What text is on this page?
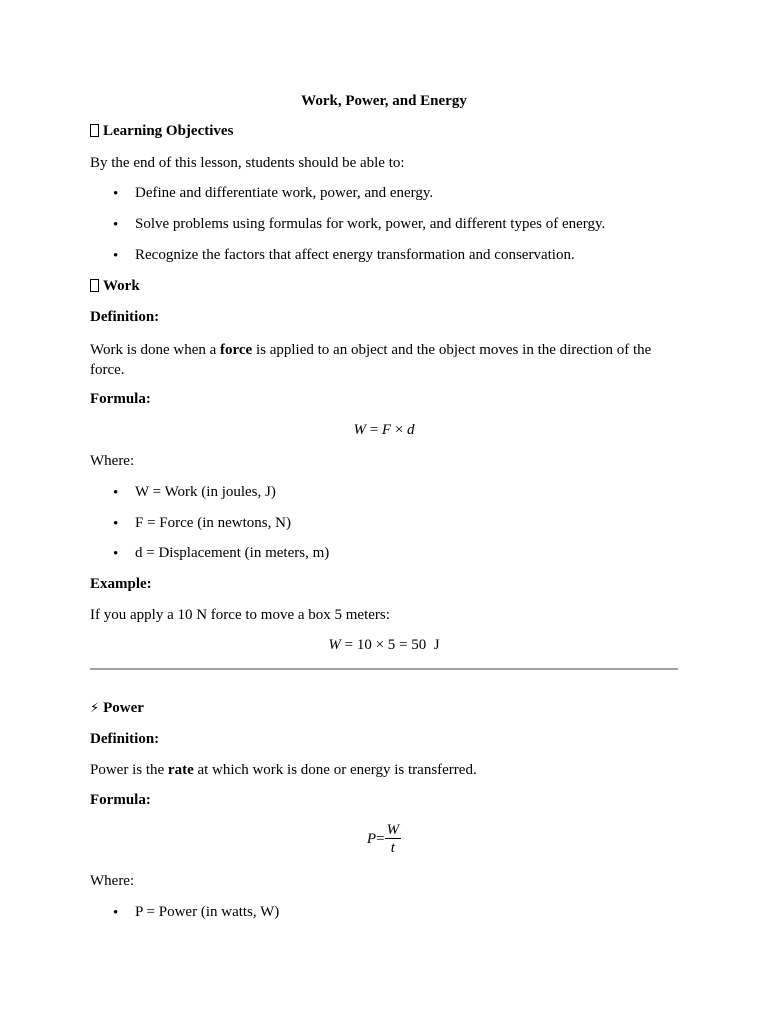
Work, Power, and Energy
Learning Objectives
By the end of this lesson, students should be able to:
• Define and differentiate work, power, and energy.
• Solve problems using formulas for work, power, and different types of energy.
• Recognize the factors that affect energy transformation and conservation.
Work
Definition:
Work is done when a force is applied to an object and the object moves in the direction of the force.
Formula:
W = F × d
Where:
• W = Work (in joules, J)
• F = Force (in newtons, N)
• d = Displacement (in meters, m)
Example:
If you apply a 10 N force to move a box 5 meters:
W = 10 × 5 = 50  J
⚡ Power
Definition:
Power is the rate at which work is done or energy is transferred.
Formula:
$P= \frac{W}{t}$
Where:
• P = Power (in watts, W)
